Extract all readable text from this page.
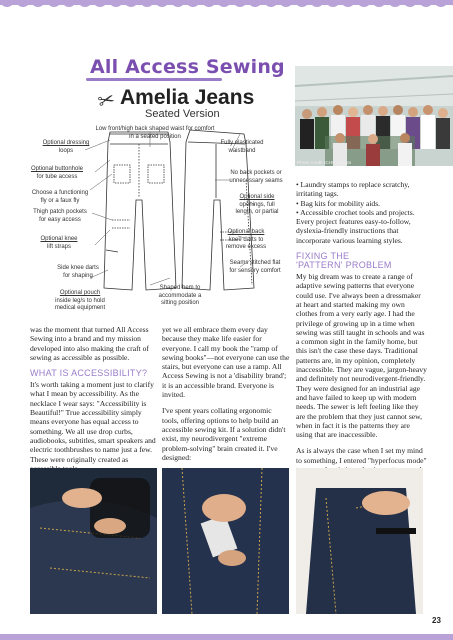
All Access Sewing
✂ Amelia Jeans
Seated Version
Low front/high back shaped waist for comfort in a seated position
Optional dressing
loops
Fully elasticated
waistband
Optional buttonhole
for tube access
Choose a functioning
fly or a faux fly
Thigh patch pockets
for easy access
Optional knee
lift straps
Side knee darts
for shaping
Optional pouch
inside leg/s to hold
medical equipment
No back pockets or
unnecessary seams
Optional side
openings, full
length, or partial
Optional back
knee darts to
remove excess
Seams stitched flat
for sensory comfort
Shaped hem to
accommodate a
sitting position
Photo credit ICHF Events

was the moment that turned All Access Sewing into a brand and my mission developed into also making the craft of sewing as accessible as possible.

WHAT IS ACCESSIBILITY?

It's worth taking a moment just to clarify what I mean by accessibility. As the necklace I wear says: "Accessibility is Beautiful!" True accessibility simply means everyone has equal access to something. We all use drop curbs, audiobooks, subtitles, smart speakers and electric toothbrushes to name just a few. These were originally created as

yet we all embrace them every day because they make life easier for everyone. I call my book the "ramp of sewing books"—not everyone can use the stairs, but everyone can use a ramp. All Access Sewing is not a 'disability brand'; it is an accessible brand. Everyone is invited.

I've spent years collating ergonomic tools, offering options to help build an accessible sewing kit. If a solution didn't exist, my neurodivergent "extreme problem-solving" brain created it. I've designed:

• Laundry stamps to replace scratchy, irritating tags.

• Bag kits for mobility aids.

• Accessible crochet tools and projects.

Every project features easy-to-follow, dyslexia-friendly instructions that incorporate various learning styles.

FIXING THE
'PATTERN' PROBLEM

My big dream was to create a range of adaptive sewing patterns that everyone could use. I've always been a dressmaker at heart and started making my own clothes from a very early age. I had the privilege of growing up in a time when sewing was still taught in schools and was a common sight in the family home, but this isn't the case these days. Traditional patterns are, in my opinion, completely inaccessible. They are vague, jargon-heavy and definitely not neurodivergent-friendly. They were designed for an industrial age and have failed to keep up with modern needs. The sewer is left feeling like they are the problem that they just cannot sew, when in fact it is the patterns they are using that are inaccessible.

As is always the case when I set my mind to something, I entered "hyperfocus mode"

23
